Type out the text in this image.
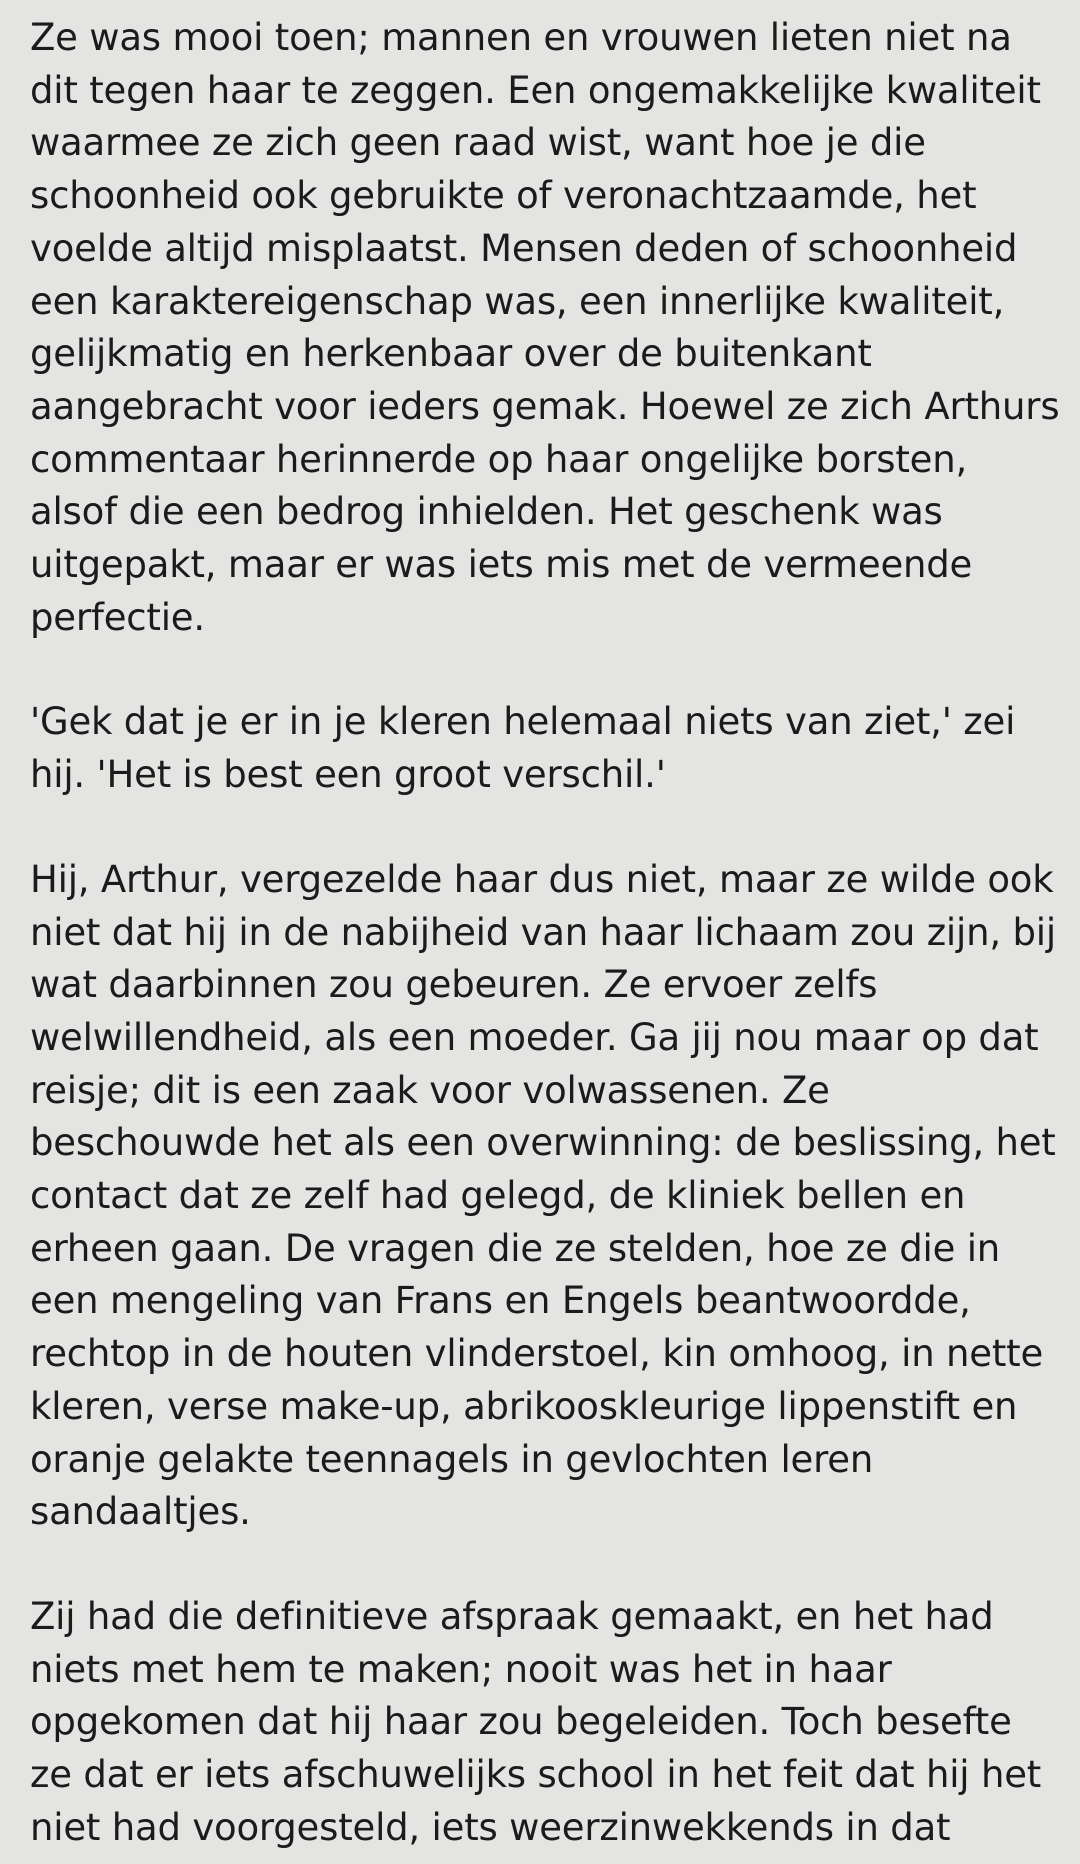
Ze was mooi toen; mannen en vrouwen lieten niet na dit tegen haar te zeggen. Een ongemakkelijke kwaliteit waarmee ze zich geen raad wist, want hoe je die schoonheid ook gebruikte of veronachtzaamde, het voelde altijd misplaatst. Mensen deden of schoonheid een karaktereigenschap was, een innerlijke kwaliteit, gelijkmatig en herkenbaar over de buitenkant aangebracht voor ieders gemak. Hoewel ze zich Arthurs commentaar herinnerde op haar ongelijke borsten, alsof die een bedrog inhielden. Het geschenk was uitgepakt, maar er was iets mis met de vermeende perfectie.

'Gek dat je er in je kleren helemaal niets van ziet,' zei hij. 'Het is best een groot verschil.'

Hij, Arthur, vergezelde haar dus niet, maar ze wilde ook niet dat hij in de nabijheid van haar lichaam zou zijn, bij wat daarbinnen zou gebeuren. Ze ervoer zelfs welwillendheid, als een moeder. Ga jij nou maar op dat reisje; dit is een zaak voor volwassenen. Ze beschouwde het als een overwinning: de beslissing, het contact dat ze zelf had gelegd, de kliniek bellen en erheen gaan. De vragen die ze stelden, hoe ze die in een mengeling van Frans en Engels beantwoordde, rechtop in de houten vlinderstoel, kin omhoog, in nette kleren, verse make-up, abrikooskleurige lippenstift en oranje gelakte teennagels in gevlochten leren sandaaltjes.

Zij had die definitieve afspraak gemaakt, en het had niets met hem te maken; nooit was het in haar opgekomen dat hij haar zou begeleiden. Toch besefte ze dat er iets afschuwelijks school in het feit dat hij het niet had voorgesteld, iets weerzinwekkends in dat
